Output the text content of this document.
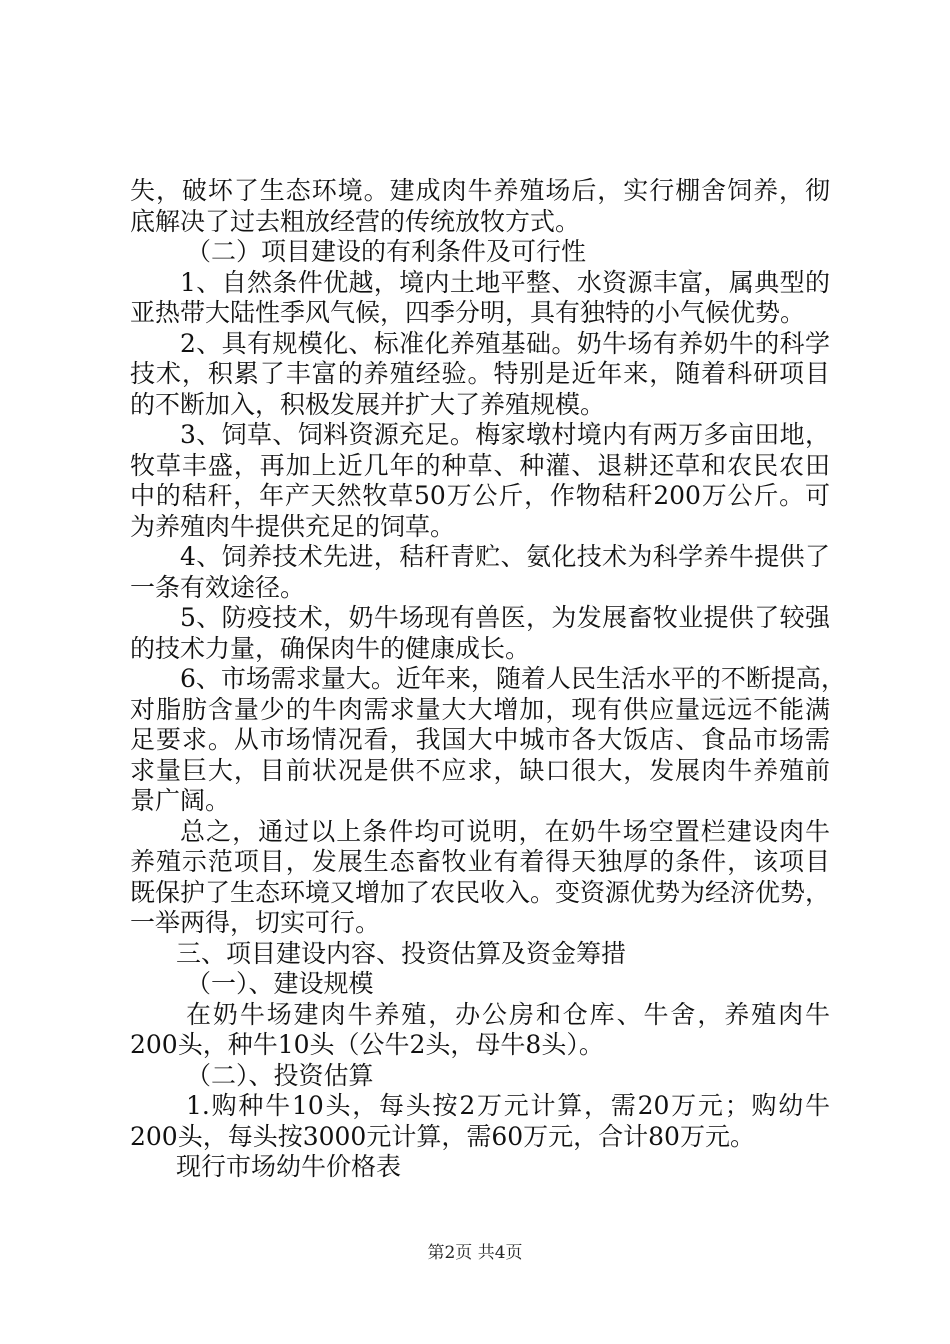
失，破坏了生态环境。建成肉牛养殖场后，实行棚舍饲养，彻
底解决了过去粗放经营的传统放牧方式。
（二）项目建设的有利条件及可行性
1、自然条件优越，境内土地平整、水资源丰富，属典型的
亚热带大陆性季风气候，四季分明，具有独特的小气候优势。
2、具有规模化、标准化养殖基础。奶牛场有养奶牛的科学
技术，积累了丰富的养殖经验。特别是近年来，随着科研项目
的不断加入，积极发展并扩大了养殖规模。
3、饲草、饲料资源充足。梅家墩村境内有两万多亩田地，
牧草丰盛，再加上近几年的种草、种灌、退耕还草和农民农田
中的秸秆，年产天然牧草50万公斤，作物秸秆200万公斤。可
为养殖肉牛提供充足的饲草。
4、饲养技术先进，秸秆青贮、氨化技术为科学养牛提供了
一条有效途径。
5、防疫技术，奶牛场现有兽医，为发展畜牧业提供了较强
的技术力量，确保肉牛的健康成长。
6、市场需求量大。近年来，随着人民生活水平的不断提高，
对脂肪含量少的牛肉需求量大大增加，现有供应量远远不能满
足要求。从市场情况看，我国大中城市各大饭店、食品市场需
求量巨大，目前状况是供不应求，缺口很大，发展肉牛养殖前
景广阔。
总之，通过以上条件均可说明，在奶牛场空置栏建设肉牛
养殖示范项目，发展生态畜牧业有着得天独厚的条件，该项目
既保护了生态环境又增加了农民收入。变资源优势为经济优势，
一举两得，切实可行。
三、项目建设内容、投资估算及资金筹措
（一）、建设规模
在奶牛场建肉牛养殖，办公房和仓库、牛舍，养殖肉牛
200头，种牛10头（公牛2头，母牛8头）。
（二）、投资估算
1.购种牛10头，每头按2万元计算，需20万元；购幼牛
200头，每头按3000元计算，需60万元，合计80万元。
现行市场幼牛价格表
第2页 共4页
